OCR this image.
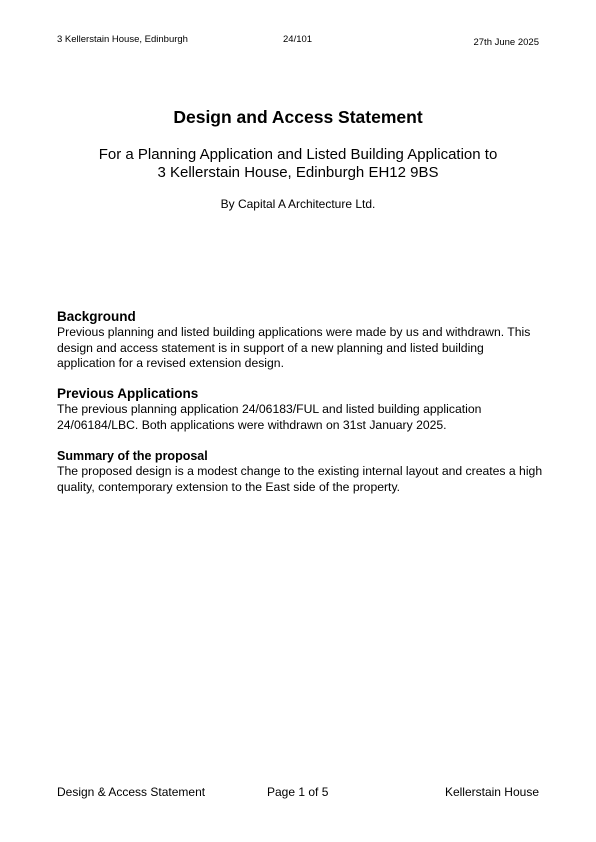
3 Kellerstain House, Edinburgh	24/101	27th June 2025
Design and Access Statement
For a Planning Application and Listed Building Application to
3 Kellerstain House, Edinburgh EH12 9BS
By Capital A Architecture Ltd.
Background

Previous planning and listed building applications were made by us and withdrawn. This design and access statement is in support of a new planning and listed building application for a revised extension design.

Previous Applications

The previous planning application 24/06183/FUL and listed building application 24/06184/LBC. Both applications were withdrawn on 31st January 2025.

Summary of the proposal

The proposed design is a modest change to the existing internal layout and creates a high quality, contemporary extension to the East side of the property.

Design & Access Statement	Page 1 of 5	Kellerstain House
